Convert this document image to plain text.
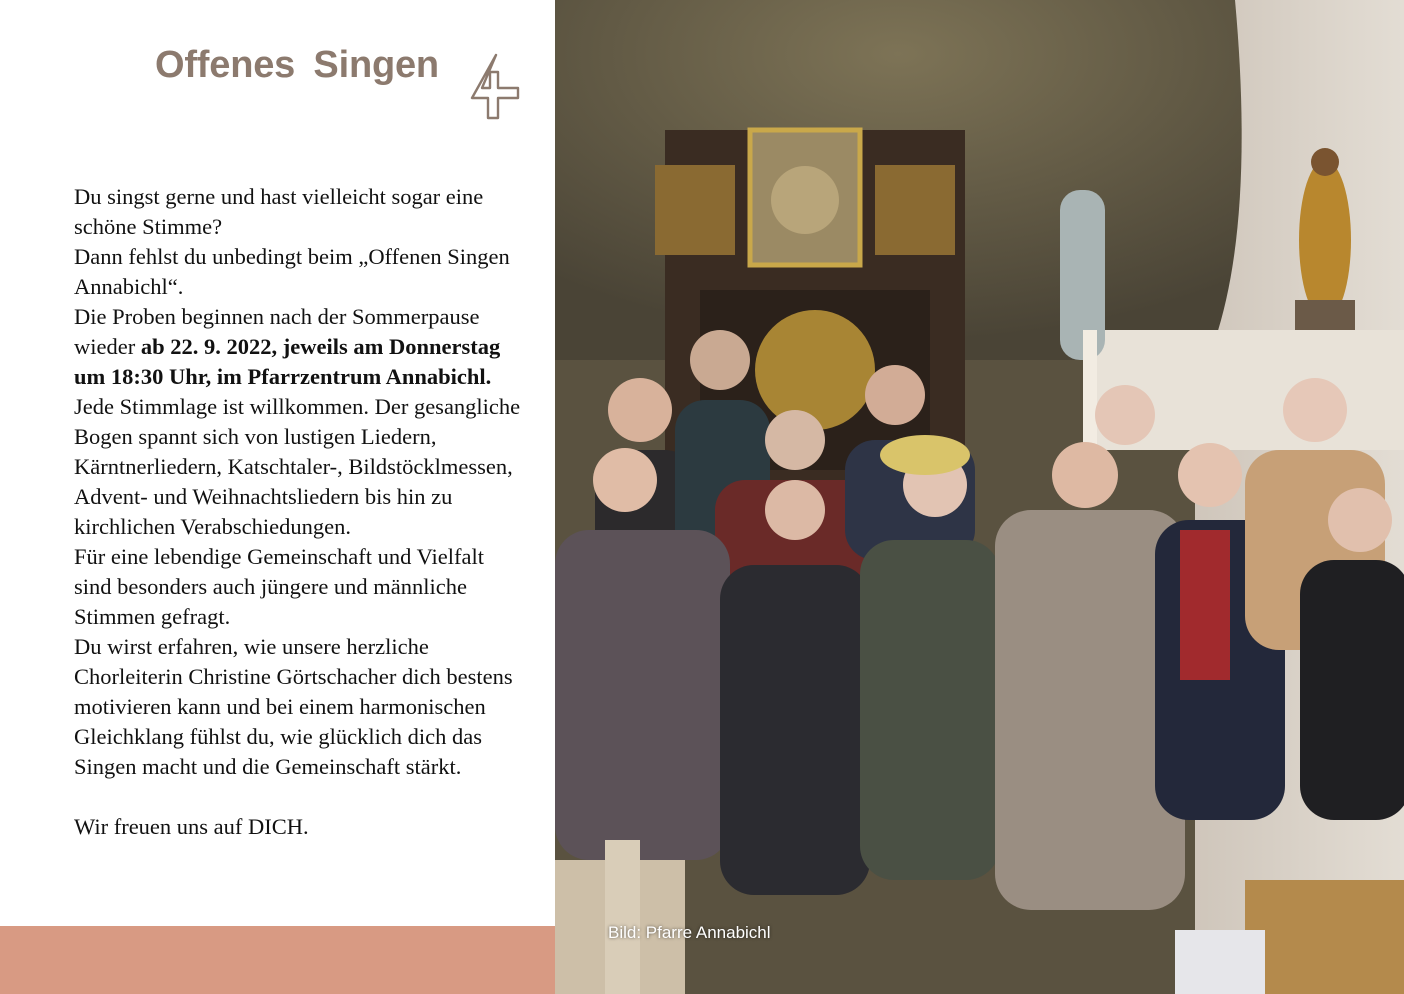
Offenes Singen

Du singst gerne und hast vielleicht sogar eine schöne Stimme?

Dann fehlst du unbedingt beim „Offenen Singen Annabichl“.

Die Proben beginnen nach der Sommerpause wieder ab 22. 9. 2022, jeweils am Donnerstag um 18:30 Uhr, im Pfarrzentrum Annabichl.

Jede Stimmlage ist willkommen. Der gesangliche Bogen spannt sich von lustigen Liedern, Kärntnerliedern, Katschtaler-, Bildstöcklmessen, Advent- und Weihnachtsliedern bis hin zu kirchlichen Verabschiedungen.

Für eine lebendige Gemeinschaft und Vielfalt sind besonders auch jüngere und männliche Stimmen gefragt.

Du wirst erfahren, wie unsere herzliche Chorleiterin Christine Görtschacher dich bestens motivieren kann und bei einem harmonischen Gleichklang fühlst du, wie glücklich dich das Singen macht und die Gemeinschaft stärkt.

Wir freuen uns auf DICH.

Bild: Pfarre Annabichl
